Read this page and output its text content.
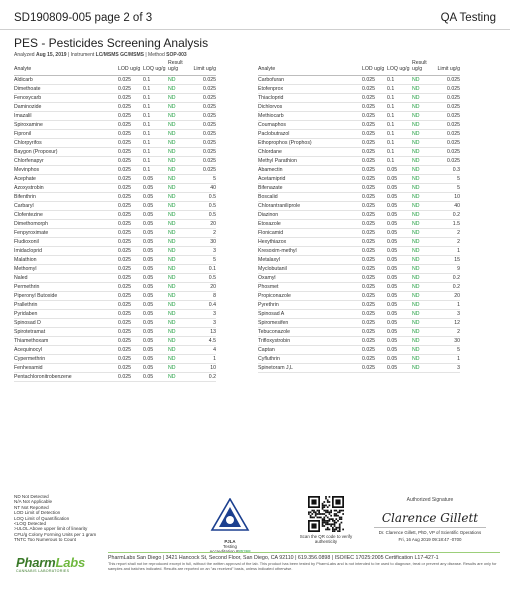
SD190809-005 page 2 of 3	QA Testing
PES - Pesticides Screening Analysis
Analyzed Aug 15, 2019 | Instrument LC/MSMS GC/MSMS | Method SOP-003
Analyte	LOD ug/g	LOQ ug/g	Result ug/g	Limit ug/g
Aldicarb	0.025	0.1	ND	0.025
Dimethoate	0.025	0.1	ND	0.025
Fenoxycarb	0.025	0.1	ND	0.025
Daminozide	0.025	0.1	ND	0.025
Imazalil	0.025	0.1	ND	0.025
Spiroxamine	0.025	0.1	ND	0.025
Fipronil	0.025	0.1	ND	0.025
Chlorpyrifos	0.025	0.1	ND	0.025
Baygon (Propoxur)	0.025	0.1	ND	0.025
Chlorfenapyr	0.025	0.1	ND	0.025
Mevinphos	0.025	0.1	ND	0.025
Acephate	0.025	0.05	ND	5
Azoxystrobin	0.025	0.05	ND	40
Bifenthrin	0.025	0.05	ND	0.5
Carbaryl	0.025	0.05	ND	0.5
Clofentezine	0.025	0.05	ND	0.5
Dimethomorph	0.025	0.05	ND	20
Fenpyroximate	0.025	0.05	ND	2
Fludioxonil	0.025	0.05	ND	30
Imidacloprid	0.025	0.05	ND	3
Malathion	0.025	0.05	ND	5
Methomyl	0.025	0.05	ND	0.1
Naled	0.025	0.05	ND	0.5
Permethrin	0.025	0.05	ND	20
Piperonyl Butoxide	0.025	0.05	ND	8
Prallethrin	0.025	0.05	ND	0.4
Pyridaben	0.025	0.05	ND	3
Spinosad D	0.025	0.05	ND	3
Spirotetramat	0.025	0.05	ND	13
Thiamethoxam	0.025	0.05	ND	4.5
Acequinocyl	0.025	0.05	ND	4
Cypermethrin	0.025	0.05	ND	1
Fenhexamid	0.025	0.05	ND	10
Pentachloronitrobenzene	0.025	0.05	ND	0.2
Analyte	LOD ug/g	LOQ ug/g	Result ug/g	Limit ug/g
Carbofuran	0.025	0.1	ND	0.025
Etofenprox	0.025	0.1	ND	0.025
Thiacloprid	0.025	0.1	ND	0.025
Dichlorvos	0.025	0.1	ND	0.025
Methiocarb	0.025	0.1	ND	0.025
Coumaphos	0.025	0.1	ND	0.025
Paclobutrazol	0.025	0.1	ND	0.025
Ethoprophos (Prophos)	0.025	0.1	ND	0.025
Chlordane	0.025	0.1	ND	0.025
Methyl Parathion	0.025	0.1	ND	0.025
Abamectin	0.025	0.05	ND	0.3
Acetamiprid	0.025	0.05	ND	5
Bifenazate	0.025	0.05	ND	5
Boscalid	0.025	0.05	ND	10
Chlorantraniliprole	0.025	0.05	ND	40
Diazinon	0.025	0.05	ND	0.2
Etoxazole	0.025	0.05	ND	1.5
Flonicamid	0.025	0.05	ND	2
Hexythiazox	0.025	0.05	ND	2
Kresoxim-methyl	0.025	0.05	ND	1
Metalaxyl	0.025	0.05	ND	15
Myclobutanil	0.025	0.05	ND	9
Oxamyl	0.025	0.05	ND	0.2
Phosmet	0.025	0.05	ND	0.2
Propiconazole	0.025	0.05	ND	20
Pyrethrin	0.025	0.05	ND	1
Spinosad A	0.025	0.05	ND	3
Spiromesifen	0.025	0.05	ND	12
Tebuconazole	0.025	0.05	ND	2
Trifloxystrobin	0.025	0.05	ND	30
Captan	0.025	0.05	ND	5
Cyfluthrin	0.025	0.05	ND	1
Spinetoram J,L	0.025	0.05	ND	3
ND Not Detected
N/A Not Applicable
NT Not Reported
LOD Limit of Detection
LOQ Limit of Quantification
<LOQ Detected
>ULOL Above upper limit of linearity
CFU/g Colony Forming Units per 1 gram
TNTC Too Numerous to Count	PJLA
Testing
Accreditation #85368
Scan the QR code to verify authenticity
Authorized Signature
Clarence Gillett
Dr. Clarence Gillett, PhD, VP of Scientific Operations
Fri, 16 Aug 2019 09:18:47 -0700
PharmLabs San Diego | 3421 Hancock St, Second Floor, San Diego, CA 92110 | 619.356.0898 | ISO/IEC 17025:2005 Certification L17-427-1
This report shall not be reproduced except in full, without the written approval of the lab. This product has been tested by PharmLabs and is not intended to be used to diagnose, treat or prevent any disease. Results are only for samples and batches indicated. Results are reported on an "as received" basis, unless indicated otherwise.
PharmLabs
CANNABIS LABORATORIES
